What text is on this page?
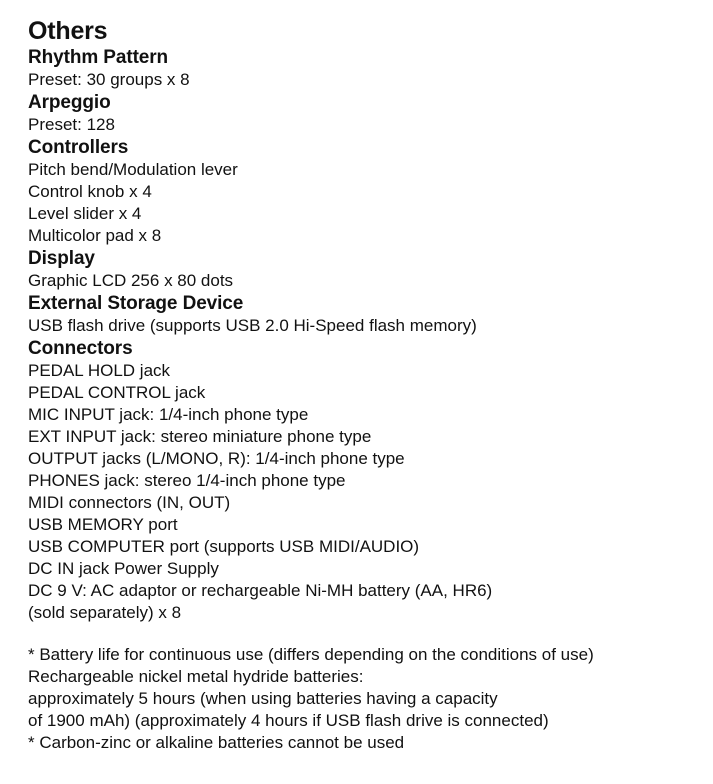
Others
Rhythm Pattern
Preset: 30 groups x 8
Arpeggio
Preset: 128
Controllers
Pitch bend/Modulation lever
Control knob x 4
Level slider x 4
Multicolor pad x 8
Display
Graphic LCD 256 x 80 dots
External Storage Device
USB flash drive (supports USB 2.0 Hi-Speed flash memory)
Connectors
PEDAL HOLD jack
PEDAL CONTROL jack
MIC INPUT jack: 1/4-inch phone type
EXT INPUT jack: stereo miniature phone type
OUTPUT jacks (L/MONO, R): 1/4-inch phone type
PHONES jack: stereo 1/4-inch phone type
MIDI connectors (IN, OUT)
USB MEMORY port
USB COMPUTER port (supports USB MIDI/AUDIO)
DC IN jack Power Supply
DC 9 V: AC adaptor or rechargeable Ni-MH battery (AA, HR6)
(sold separately) x 8
* Battery life for continuous use (differs depending on the conditions of use)
Rechargeable nickel metal hydride batteries:
approximately 5 hours (when using batteries having a capacity
of 1900 mAh) (approximately 4 hours if USB flash drive is connected)
* Carbon-zinc or alkaline batteries cannot be used
